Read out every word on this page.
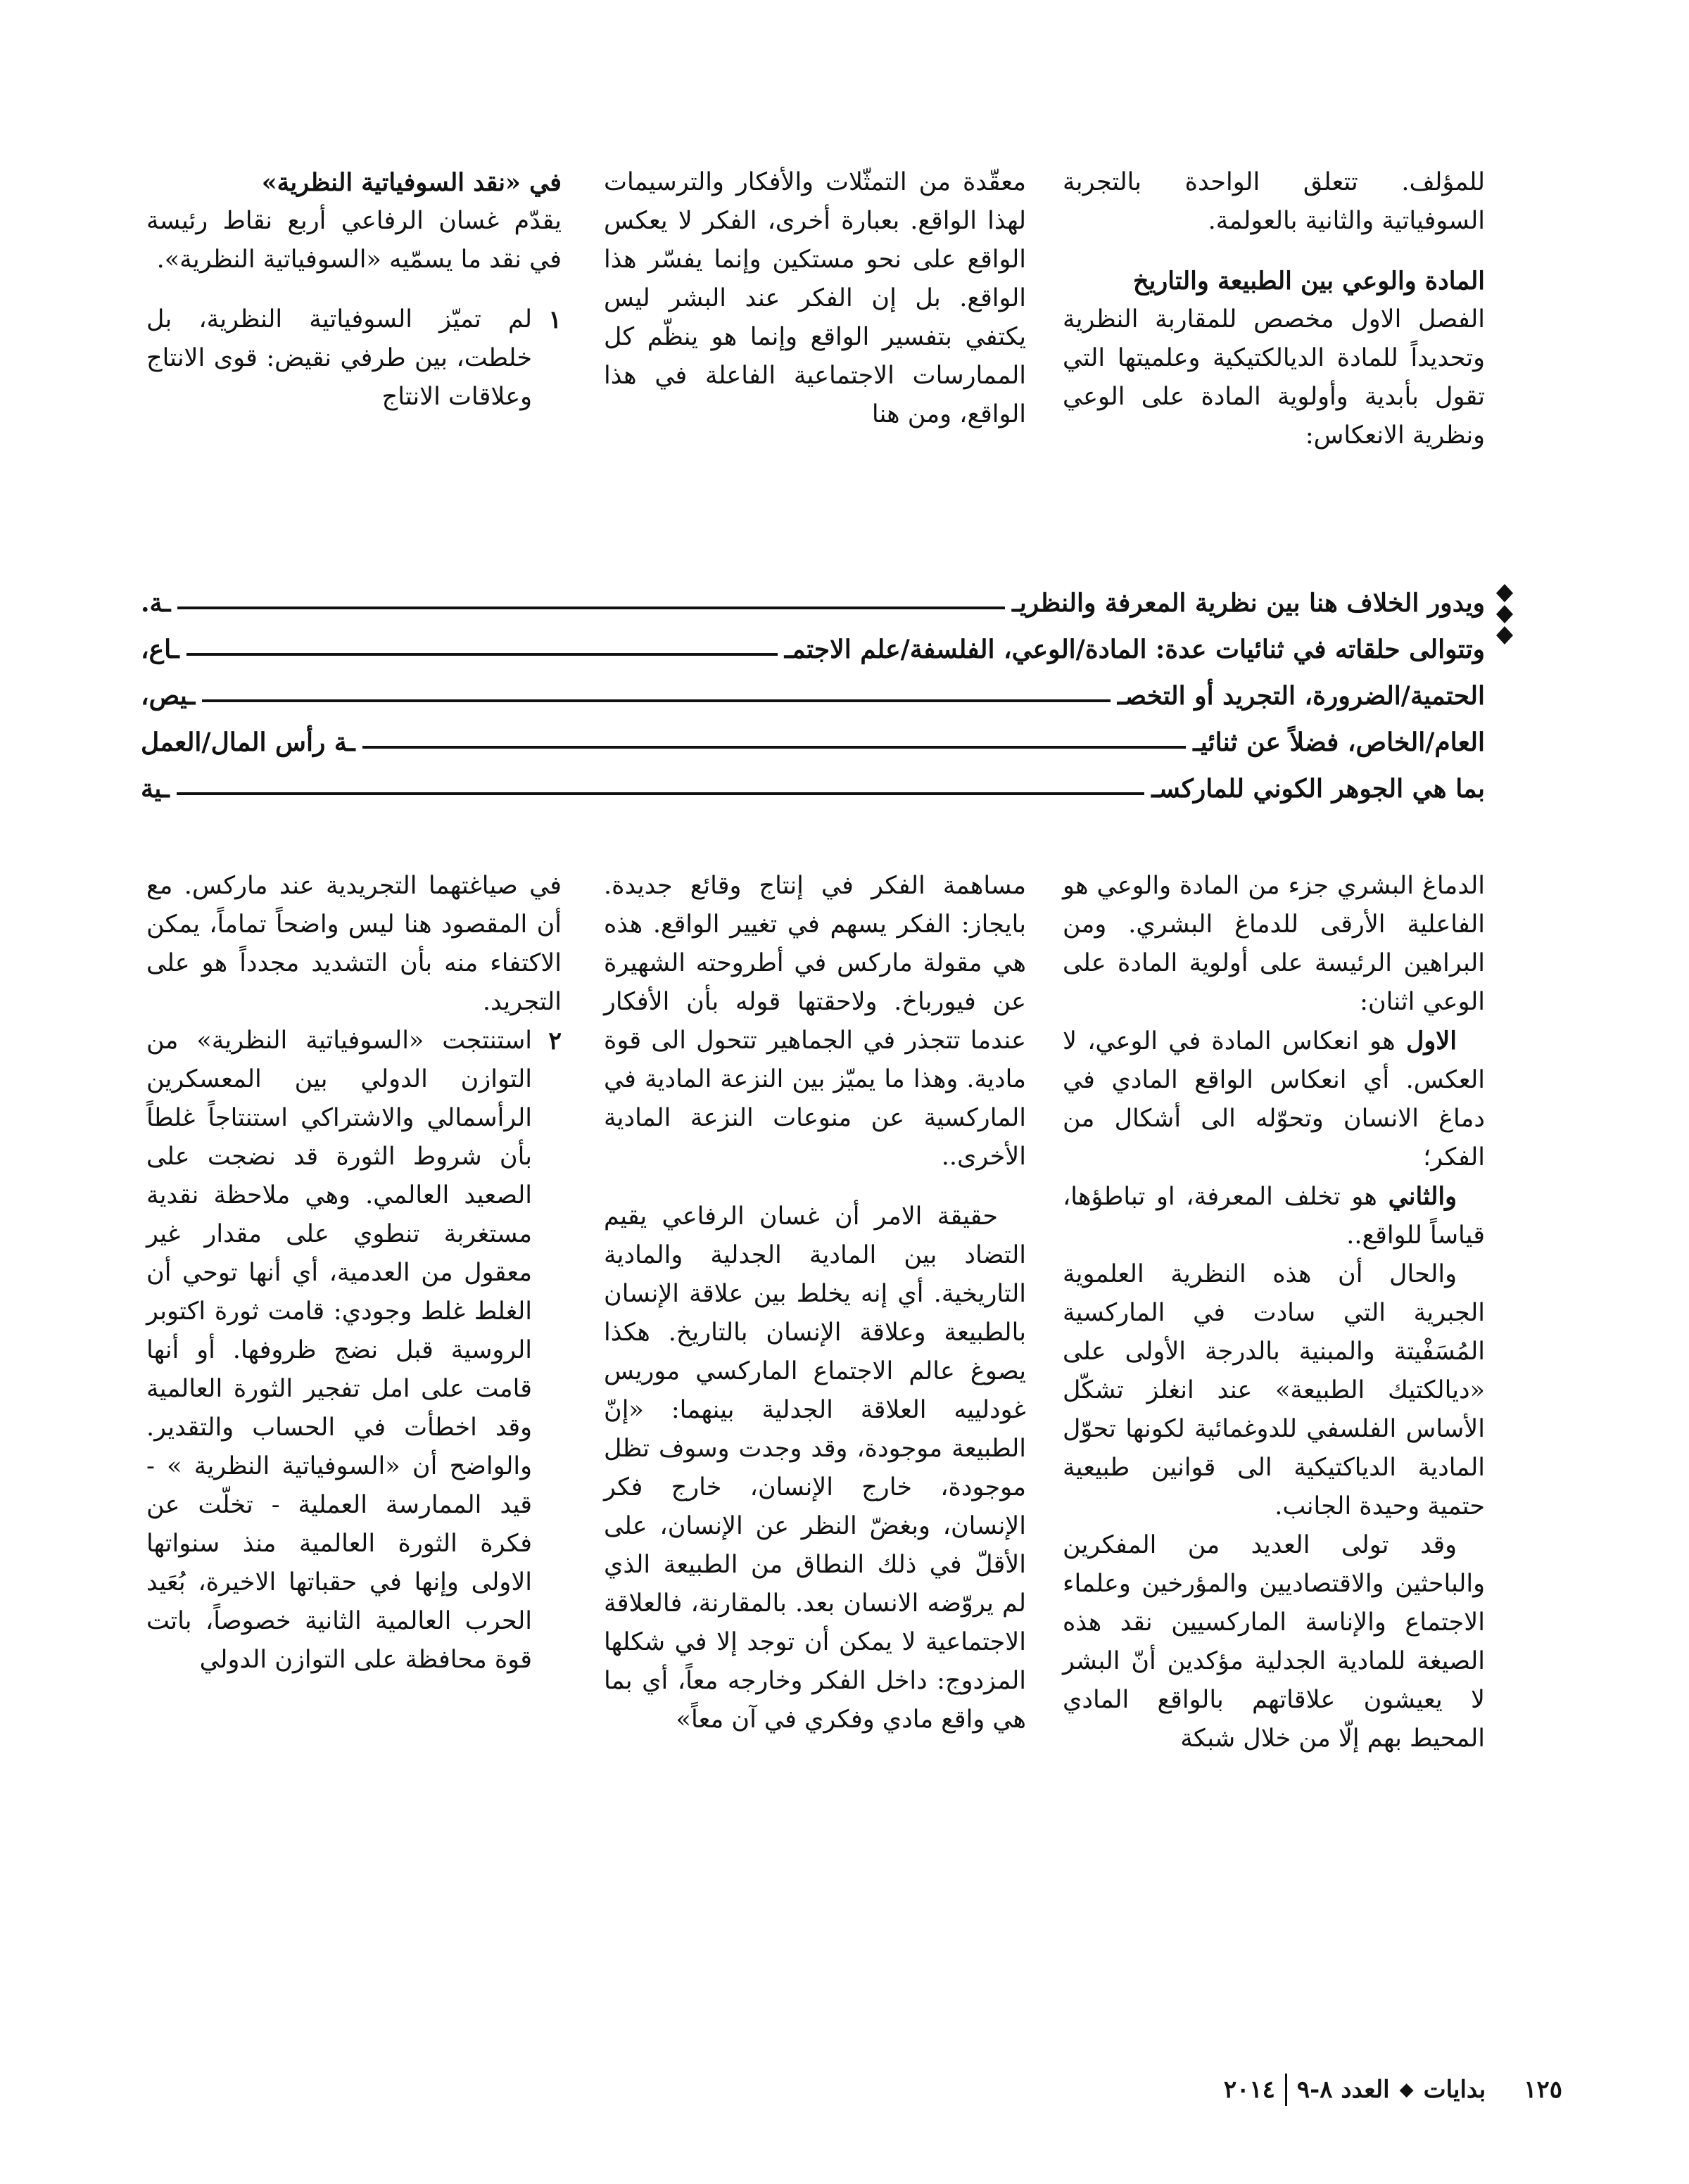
للمؤلف. تتعلق الواحدة بالتجربة السوفياتية والثانية بالعولمة.

المادة والوعي بين الطبيعة والتاريخ

الفصل الاول مخصص للمقاربة النظرية وتحديداً للمادة الديالكتيكية وعلميتها التي تقول بأبدية وأولوية المادة على الوعي ونظرية الانعكاس:

معقّدة من التمثّلات والأفكار والترسيمات لهذا الواقع. بعبارة أخرى، الفكر لا يعكس الواقع على نحو مستكين وإنما يفسّر هذا الواقع. بل إن الفكر عند البشر ليس يكتفي بتفسير الواقع وإنما هو ينظّم كل الممارسات الاجتماعية الفاعلة في هذا الواقع، ومن هنا

في «نقد السوفياتية النظرية»

يقدّم غسان الرفاعي أربع نقاط رئيسة في نقد ما يسمّيه «السوفياتية النظرية».

١
لم تميّز السوفياتية النظرية، بل خلطت، بين طرفي نقيض: قوى الانتاج وعلاقات الانتاج
ويدور الخلاف هنا بين نظرية المعرفة والنظريـ
ـة.
وتتوالى حلقاته في ثنائيات عدة: المادة/الوعي، الفلسفة/علم الاجتمـ
ـاع،
الحتمية/الضرورة، التجريد أو التخصـ
ـيص،
العام/الخاص، فضلاً عن ثنائيـ
ـة رأس المال/العمل
بما هي الجوهر الكوني للماركسـ
ـية

الدماغ البشري جزء من المادة والوعي هو الفاعلية الأرقى للدماغ البشري. ومن البراهين الرئيسة على أولوية المادة على الوعي اثنان:

الاول هو انعكاس المادة في الوعي، لا العكس. أي انعكاس الواقع المادي في دماغ الانسان وتحوّله الى أشكال من الفكر؛

والثاني هو تخلف المعرفة، او تباطؤها، قياساً للواقع..

والحال أن هذه النظرية العلموية الجبرية التي سادت في الماركسية المُسَفْيتة والمبنية بالدرجة الأولى على «ديالكتيك الطبيعة» عند انغلز تشكّل الأساس الفلسفي للدوغمائية لكونها تحوّل المادية الدياكتيكية الى قوانين طبيعية حتمية وحيدة الجانب.

وقد تولى العديد من المفكرين والباحثين والاقتصاديين والمؤرخين وعلماء الاجتماع والإناسة الماركسيين نقد هذه الصيغة للمادية الجدلية مؤكدين أنّ البشر لا يعيشون علاقاتهم بالواقع المادي المحيط بهم إلّا من خلال شبكة

مساهمة الفكر في إنتاج وقائع جديدة. بايجاز: الفكر يسهم في تغيير الواقع. هذه هي مقولة ماركس في أطروحته الشهيرة عن فيورباخ. ولاحقتها قوله بأن الأفكار عندما تتجذر في الجماهير تتحول الى قوة مادية. وهذا ما يميّز بين النزعة المادية في الماركسية عن منوعات النزعة المادية الأخرى..

حقيقة الامر أن غسان الرفاعي يقيم التضاد بين المادية الجدلية والمادية التاريخية. أي إنه يخلط بين علاقة الإنسان بالطبيعة وعلاقة الإنسان بالتاريخ. هكذا يصوغ عالم الاجتماع الماركسي موريس غودلييه العلاقة الجدلية بينهما: «إنّ الطبيعة موجودة، وقد وجدت وسوف تظل موجودة، خارج الإنسان، خارج فكر الإنسان، وبغضّ النظر عن الإنسان، على الأقلّ في ذلك النطاق من الطبيعة الذي لم يروّضه الانسان بعد. بالمقارنة، فالعلاقة الاجتماعية لا يمكن أن توجد إلا في شكلها المزدوج: داخل الفكر وخارجه معاً، أي بما هي واقع مادي وفكري في آن معاً»

في صياغتهما التجريدية عند ماركس. مع أن المقصود هنا ليس واضحاً تماماً، يمكن الاكتفاء منه بأن التشديد مجدداً هو على التجريد.

٢
استنتجت «السوفياتية النظرية» من التوازن الدولي بين المعسكرين الرأسمالي والاشتراكي استنتاجاً غلطاً بأن شروط الثورة قد نضجت على الصعيد العالمي. وهي ملاحظة نقدية مستغربة تنطوي على مقدار غير معقول من العدمية، أي أنها توحي أن الغلط غلط وجودي: قامت ثورة اكتوبر الروسية قبل نضج ظروفها. أو أنها قامت على امل تفجير الثورة العالمية وقد اخطأت في الحساب والتقدير. والواضح أن «السوفياتية النظرية » - قيد الممارسة العملية - تخلّت عن فكرة الثورة العالمية منذ سنواتها الاولى وإنها في حقباتها الاخيرة، بُعَيد الحرب العالمية الثانية خصوصاً، باتت قوة محافظة على التوازن الدولي
١٢٥
بدايات
◆
العدد ٨-٩
٢٠١٤
